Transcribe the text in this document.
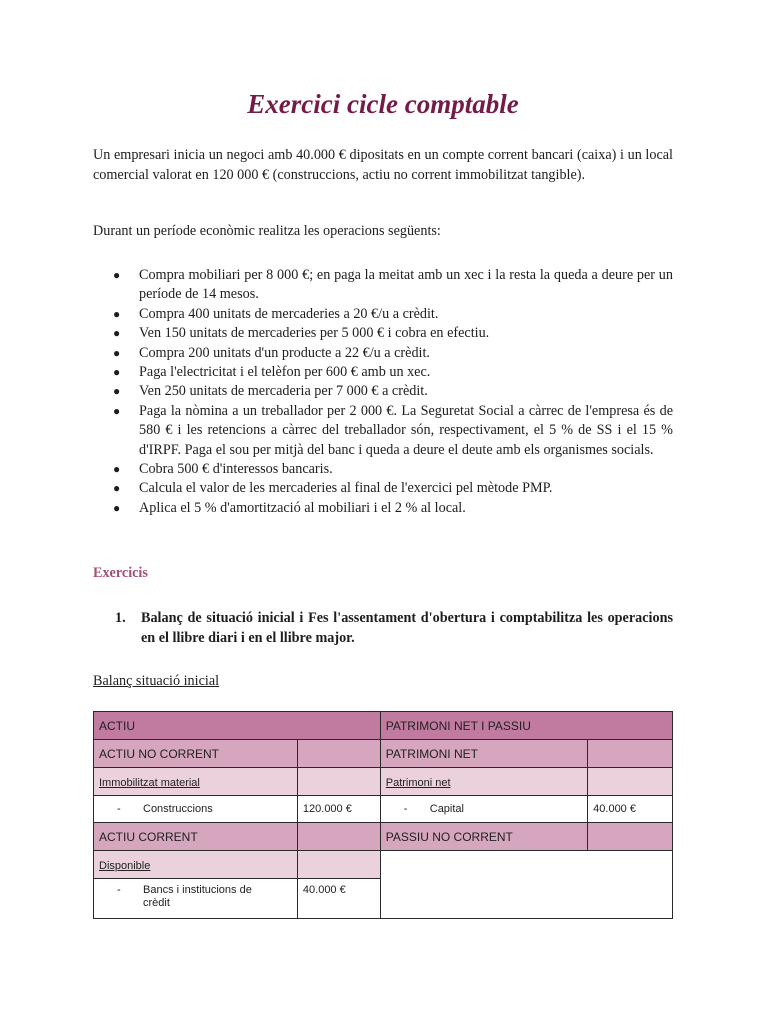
Exercici cicle comptable

Un empresari inicia un negoci amb 40.000 € dipositats en un compte corrent bancari (caixa) i un local comercial valorat en 120 000 € (construccions, actiu no corrent immobilitzat tangible).

Durant un període econòmic realitza les operacions següents:

● Compra mobiliari per 8 000 €; en paga la meitat amb un xec i la resta la queda a deure per un període de 14 mesos.
● Compra 400 unitats de mercaderies a 20 €/u a crèdit.
● Ven 150 unitats de mercaderies per 5 000 € i cobra en efectiu.
● Compra 200 unitats d'un producte a 22 €/u a crèdit.
● Paga l'electricitat i el telèfon per 600 € amb un xec.
● Ven 250 unitats de mercaderia per 7 000 € a crèdit.
● Paga la nòmina a un treballador per 2 000 €. La Seguretat Social a càrrec de l'empresa és de 580 € i les retencions a càrrec del treballador són, respectivament, el 5 % de SS i el 15 % d'IRPF. Paga el sou per mitjà del banc i queda a deure el deute amb els organismes socials.
● Cobra 500 € d'interessos bancaris.
● Calcula el valor de les mercaderies al final de l'exercici pel mètode PMP.
● Aplica el 5 % d'amortització al mobiliari i el 2 % al local.

Exercicis

1.	Balanç de situació inicial i Fes l'assentament d'obertura i comptabilitza les operacions en el llibre diari i en el llibre major.

Balanç situació inicial

ACTIU		PATRIMONI NET I PASSIU	
ACTIU NO CORRENT		PATRIMONI NET	
Immobilitzat material		Patrimoni net	
- Construccions	120.000 €	- Capital	40.000 €
ACTIU CORRENT		PASSIU NO CORRENT	
Disponible			

- Bancs i institucions de crèdit	40.000 €		
